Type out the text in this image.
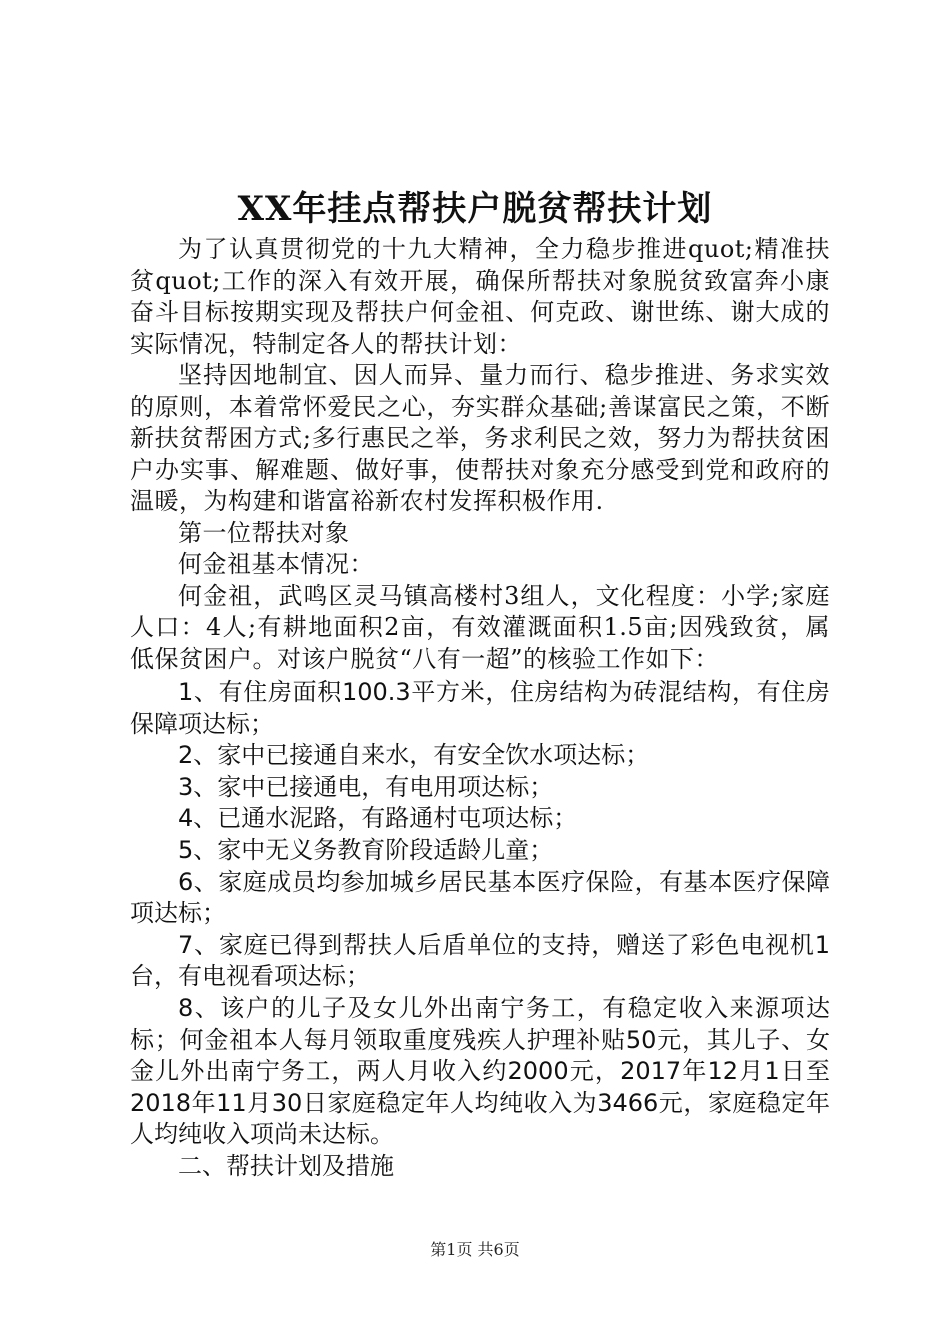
XX年挂点帮扶户脱贫帮扶计划

为了认真贯彻党的十九大精神，全力稳步推进quot;精准扶贫quot;工作的深入有效开展，确保所帮扶对象脱贫致富奔小康奋斗目标按期实现及帮扶户何金祖、何克政、谢世练、谢大成的实际情况，特制定各人的帮扶计划：

坚持因地制宜、因人而异、量力而行、稳步推进、务求实效的原则，本着常怀爱民之心，夯实群众基础;善谋富民之策，不断新扶贫帮困方式;多行惠民之举，务求利民之效，努力为帮扶贫困户办实事、解难题、做好事，使帮扶对象充分感受到党和政府的温暖，为构建和谐富裕新农村发挥积极作用.

第一位帮扶对象

何金祖基本情况：

何金祖，武鸣区灵马镇高楼村3组人，文化程度：小学;家庭人口：4人;有耕地面积2亩，有效灌溉面积1.5亩;因残致贫，属低保贫困户。对该户脱贫“八有一超”的核验工作如下：

1、有住房面积100.3平方米，住房结构为砖混结构，有住房保障项达标；

2、家中已接通自来水，有安全饮水项达标；

3、家中已接通电，有电用项达标；

4、已通水泥路，有路通村屯项达标；

5、家中无义务教育阶段适龄儿童；

6、家庭成员均参加城乡居民基本医疗保险，有基本医疗保障项达标；

7、家庭已得到帮扶人后盾单位的支持，赠送了彩色电视机1台，有电视看项达标；

8、该户的儿子及女儿外出南宁务工，有稳定收入来源项达标；何金祖本人每月领取重度残疾人护理补贴50元，其儿子、女金儿外出南宁务工，两人月收入约2000元，2017年12月1日至2018年11月30日家庭稳定年人均纯收入为3466元，家庭稳定年人均纯收入项尚未达标。

二、帮扶计划及措施

第1页 共6页
